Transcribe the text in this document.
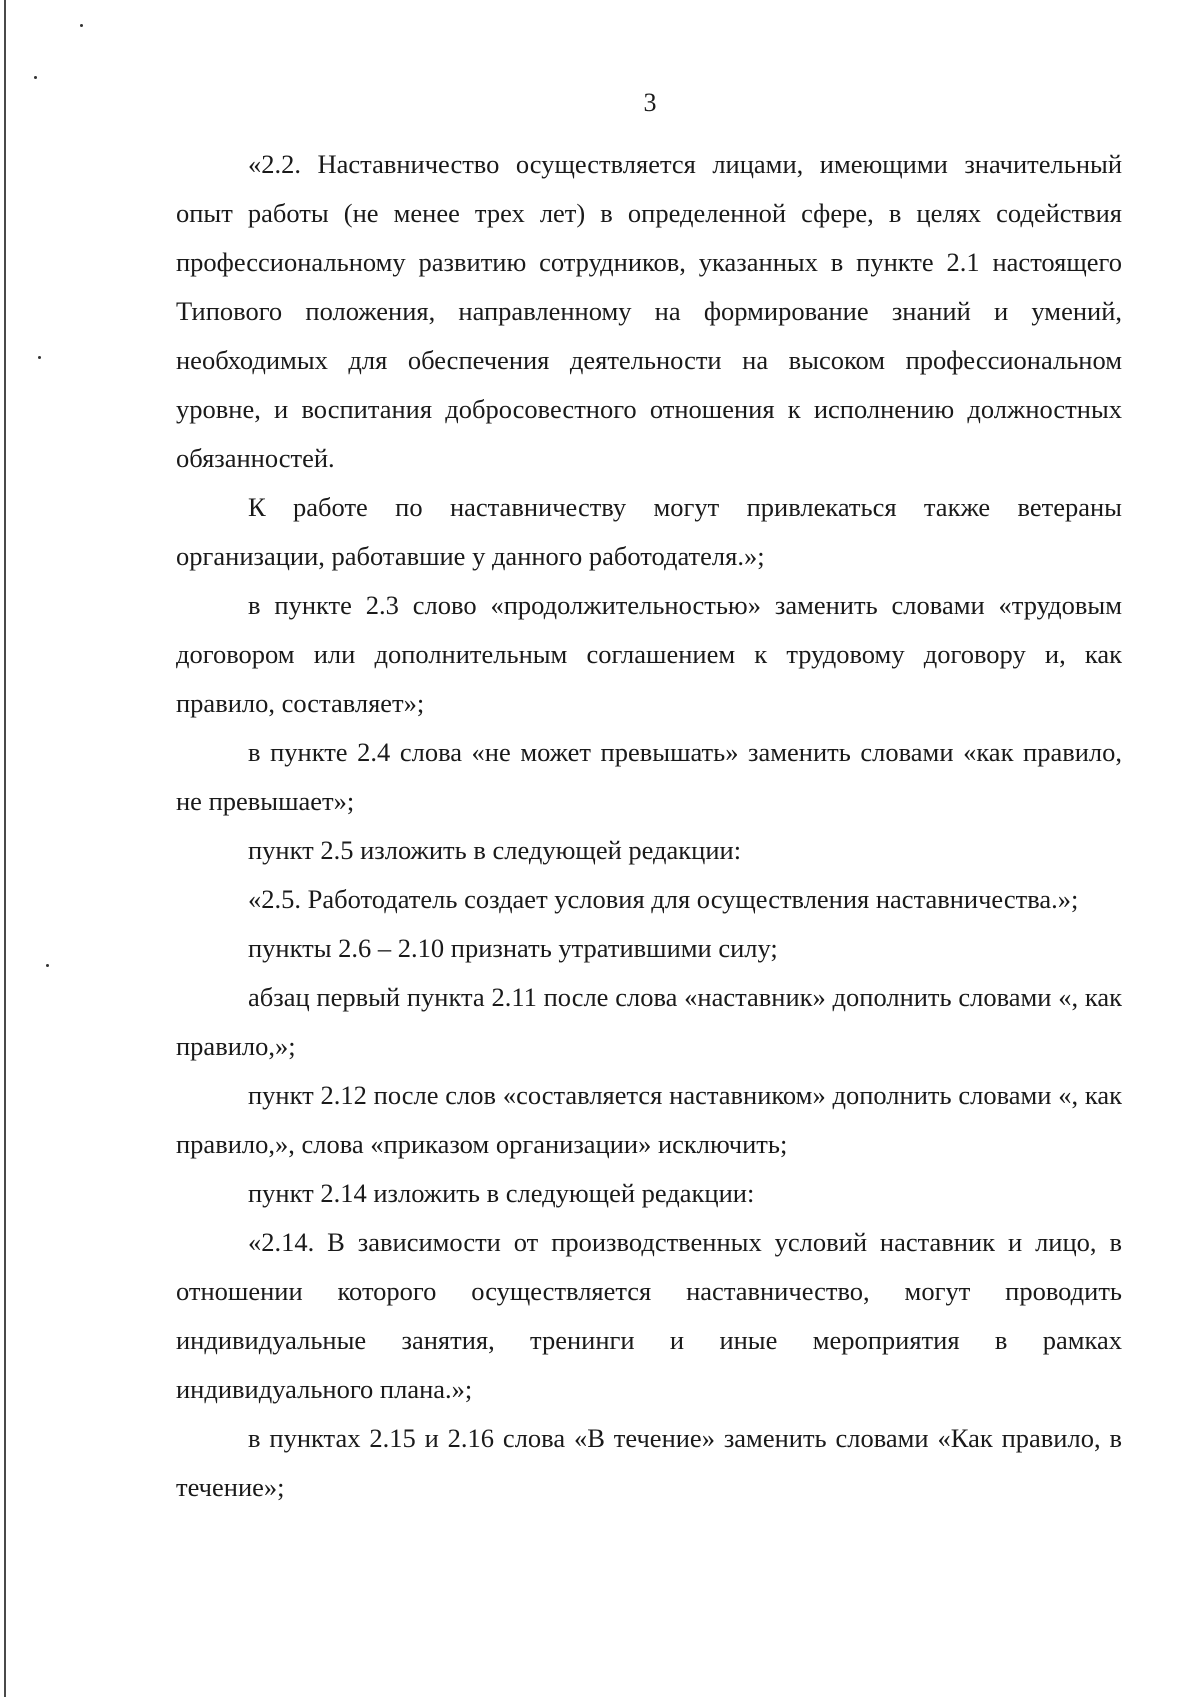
3

«2.2. Наставничество осуществляется лицами, имеющими значительный опыт работы (не менее трех лет) в определенной сфере, в целях содействия профессиональному развитию сотрудников, указанных в пункте 2.1 настоящего Типового положения, направленному на формирование знаний и умений, необходимых для обеспечения деятельности на высоком профессиональном уровне, и воспитания добросовестного отношения к исполнению должностных обязанностей.

К работе по наставничеству могут привлекаться также ветераны организации, работавшие у данного работодателя.»;

в пункте 2.3 слово «продолжительностью» заменить словами «трудовым договором или дополнительным соглашением к трудовому договору и, как правило, составляет»;

в пункте 2.4 слова «не может превышать» заменить словами «как правило, не превышает»;

пункт 2.5 изложить в следующей редакции:

«2.5. Работодатель создает условия для осуществления наставничества.»;

пункты 2.6 – 2.10 признать утратившими силу;

абзац первый пункта 2.11 после слова «наставник» дополнить словами «, как правило,»;

пункт 2.12 после слов «составляется наставником» дополнить словами «, как правило,», слова «приказом организации» исключить;

пункт 2.14 изложить в следующей редакции:

«2.14. В зависимости от производственных условий наставник и лицо, в отношении которого осуществляется наставничество, могут проводить индивидуальные занятия, тренинги и иные мероприятия в рамках индивидуального плана.»;

в пунктах 2.15 и 2.16 слова «В течение» заменить словами «Как правило, в течение»;
